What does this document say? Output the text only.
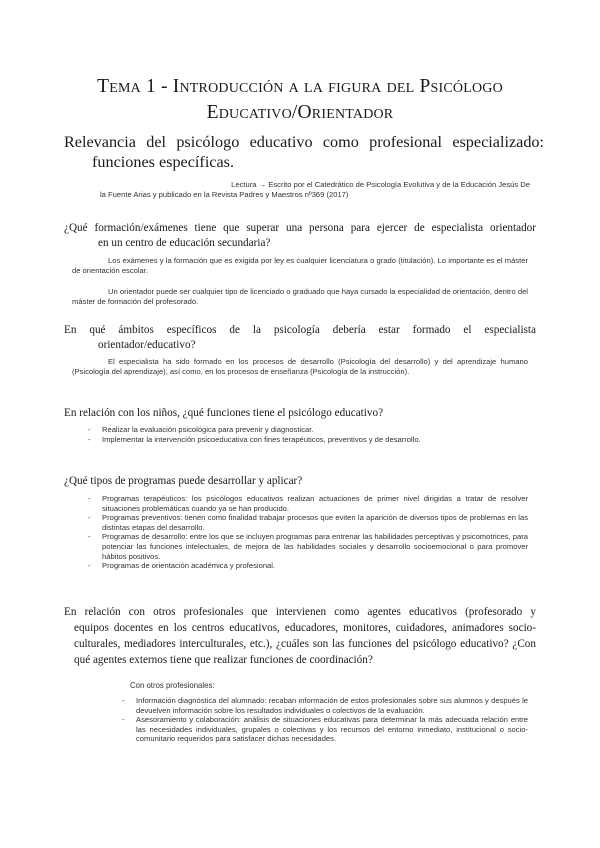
Tema 1 - Introducción a la figura del Psicólogo
Educativo/Orientador
Relevancia del psicólogo educativo como profesional especializado:
funciones específicas.
Lectura → Escrito por el Catedrático de Psicología Evolutiva y de la Educación Jesús De
la Fuente Arias y publicado en la Revista Padres y Maestros nº369 (2017)
¿Qué formación/exámenes tiene que superar una persona para ejercer de especialista orientador
en un centro de educación secundaria?
Los exámenes y la formación que es exigida por ley es cualquier licenciatura o grado (titulación). Lo importante es el máster de orientación escolar.
Un orientador puede ser cualquier tipo de licenciado o graduado que haya cursado la especialidad de orientación, dentro del máster de formación del profesorado.
En qué ámbitos específicos de la psicología debería estar formado el especialista
orientador/educativo?
El especialista ha sido formado en los procesos de desarrollo (Psicología del desarrollo) y del aprendizaje humano (Psicología del aprendizaje), así como, en los procesos de enseñanza (Psicología de la instrucción).
En relación con los niños, ¿qué funciones tiene el psicólogo educativo?
- Realizar la evaluación psicológica para prevenir y diagnosticar.
- Implementar la intervención psicoeducativa con fines terapéuticos, preventivos y de desarrollo.
¿Qué tipos de programas puede desarrollar y aplicar?
- Programas terapéuticos: los psicólogos educativos realizan actuaciones de primer nivel dirigidas a tratar de resolver situaciones problemáticas cuando ya se han producido.
- Programas preventivos: tienen como finalidad trabajar procesos que eviten la aparición de diversos tipos de problemas en las distintas etapas del desarrollo.
- Programas de desarrollo: entre los que se incluyen programas para entrenar las habilidades perceptivas y psicomotrices, para potenciar las funciones intelectuales, de mejora de las habilidades sociales y desarrollo socioemocional o para promover hábitos positivos.
- Programas de orientación académica y profesional.
En relación con otros profesionales que intervienen como agentes educativos (profesorado y
equipos docentes en los centros educativos, educadores, monitores, cuidadores, animadores socio-culturales, mediadores interculturales, etc.), ¿cuáles son las funciones del psicólogo educativo? ¿Con qué agentes externos tiene que realizar funciones de coordinación?
Con otros profesionales:
- Información diagnóstica del alumnado: recaban información de estos profesionales sobre sus alumnos y después le devuelven información sobre los resultados individuales o colectivos de la evaluación.
- Asesoramiento y colaboración: análisis de situaciones educativas para determinar la más adecuada relación entre las necesidades individuales, grupales o colectivas y los recursos del entorno inmediato, institucional o socio-comunitario requeridos para satisfacer dichas necesidades.
